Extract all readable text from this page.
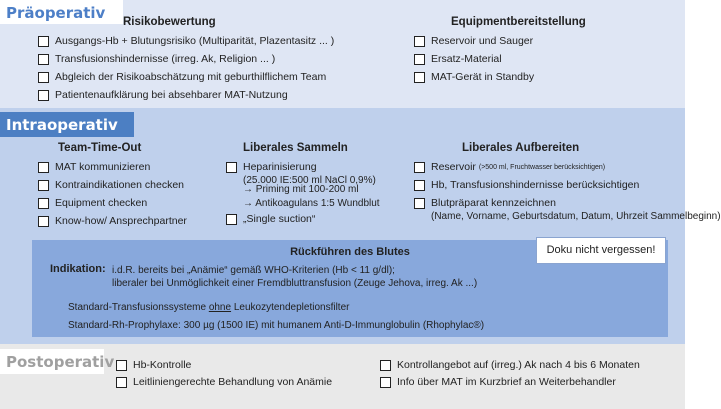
Präoperativ	Risikobewertung
Ausgangs-Hb + Blutungsrisiko (Multiparität, Plazentasitz ... )
Transfusionshindernisse (irreg. Ak, Religion ... )
Abgleich der Risikoabschätzung mit geburthilflichem Team
Patientenaufklärung bei absehbarer MAT-Nutzung
Equipmentbereitstellung
Reservoir und Sauger
Ersatz-Material
MAT-Gerät in Standby
Intraoperativ
Team-Time-Out
MAT kommunizieren
Kontraindikationen checken
Equipment checken
Know-how/ Ansprechpartner
Liberales Sammeln
Heparinisierung
(25.000 IE:500 ml NaCl 0,9%)
→ Priming mit 100-200 ml
→ Antikoagulans 1:5 Wundblut
„Single suction“
Liberales Aufbereiten
Reservoir
(>500 ml, Fruchtwasser berücksichtigen)
Hb, Transfusionshindernisse berücksichtigen
Blutpräparat kennzeichnen
(Name, Vorname, Geburtsdatum, Datum, Uhrzeit Sammelbeginn)
Rückführen des Blutes
Indikation: i.d.R. bereits bei „Anämie“ gemäß WHO-Kriterien (Hb < 11 g/dl);
liberaler bei Unmöglichkeit einer Fremdbluttransfusion (Zeuge Jehova, irreg. Ak ...)
Standard-Transfusionssysteme ohne Leukozytendepletionsfilter
Standard-Rh-Prophylaxe: 300 µg (1500 IE) mit humanem Anti-D-Immunglobulin (Rhophylac®)
Doku nicht vergessen!
Postoperativ Hb-Kontrolle
Leitliniengerechte Behandlung von Anämie
Kontrollangebot auf (irreg.) Ak nach 4 bis 6 Monaten
Info über MAT im Kurzbrief an Weiterbehandler
